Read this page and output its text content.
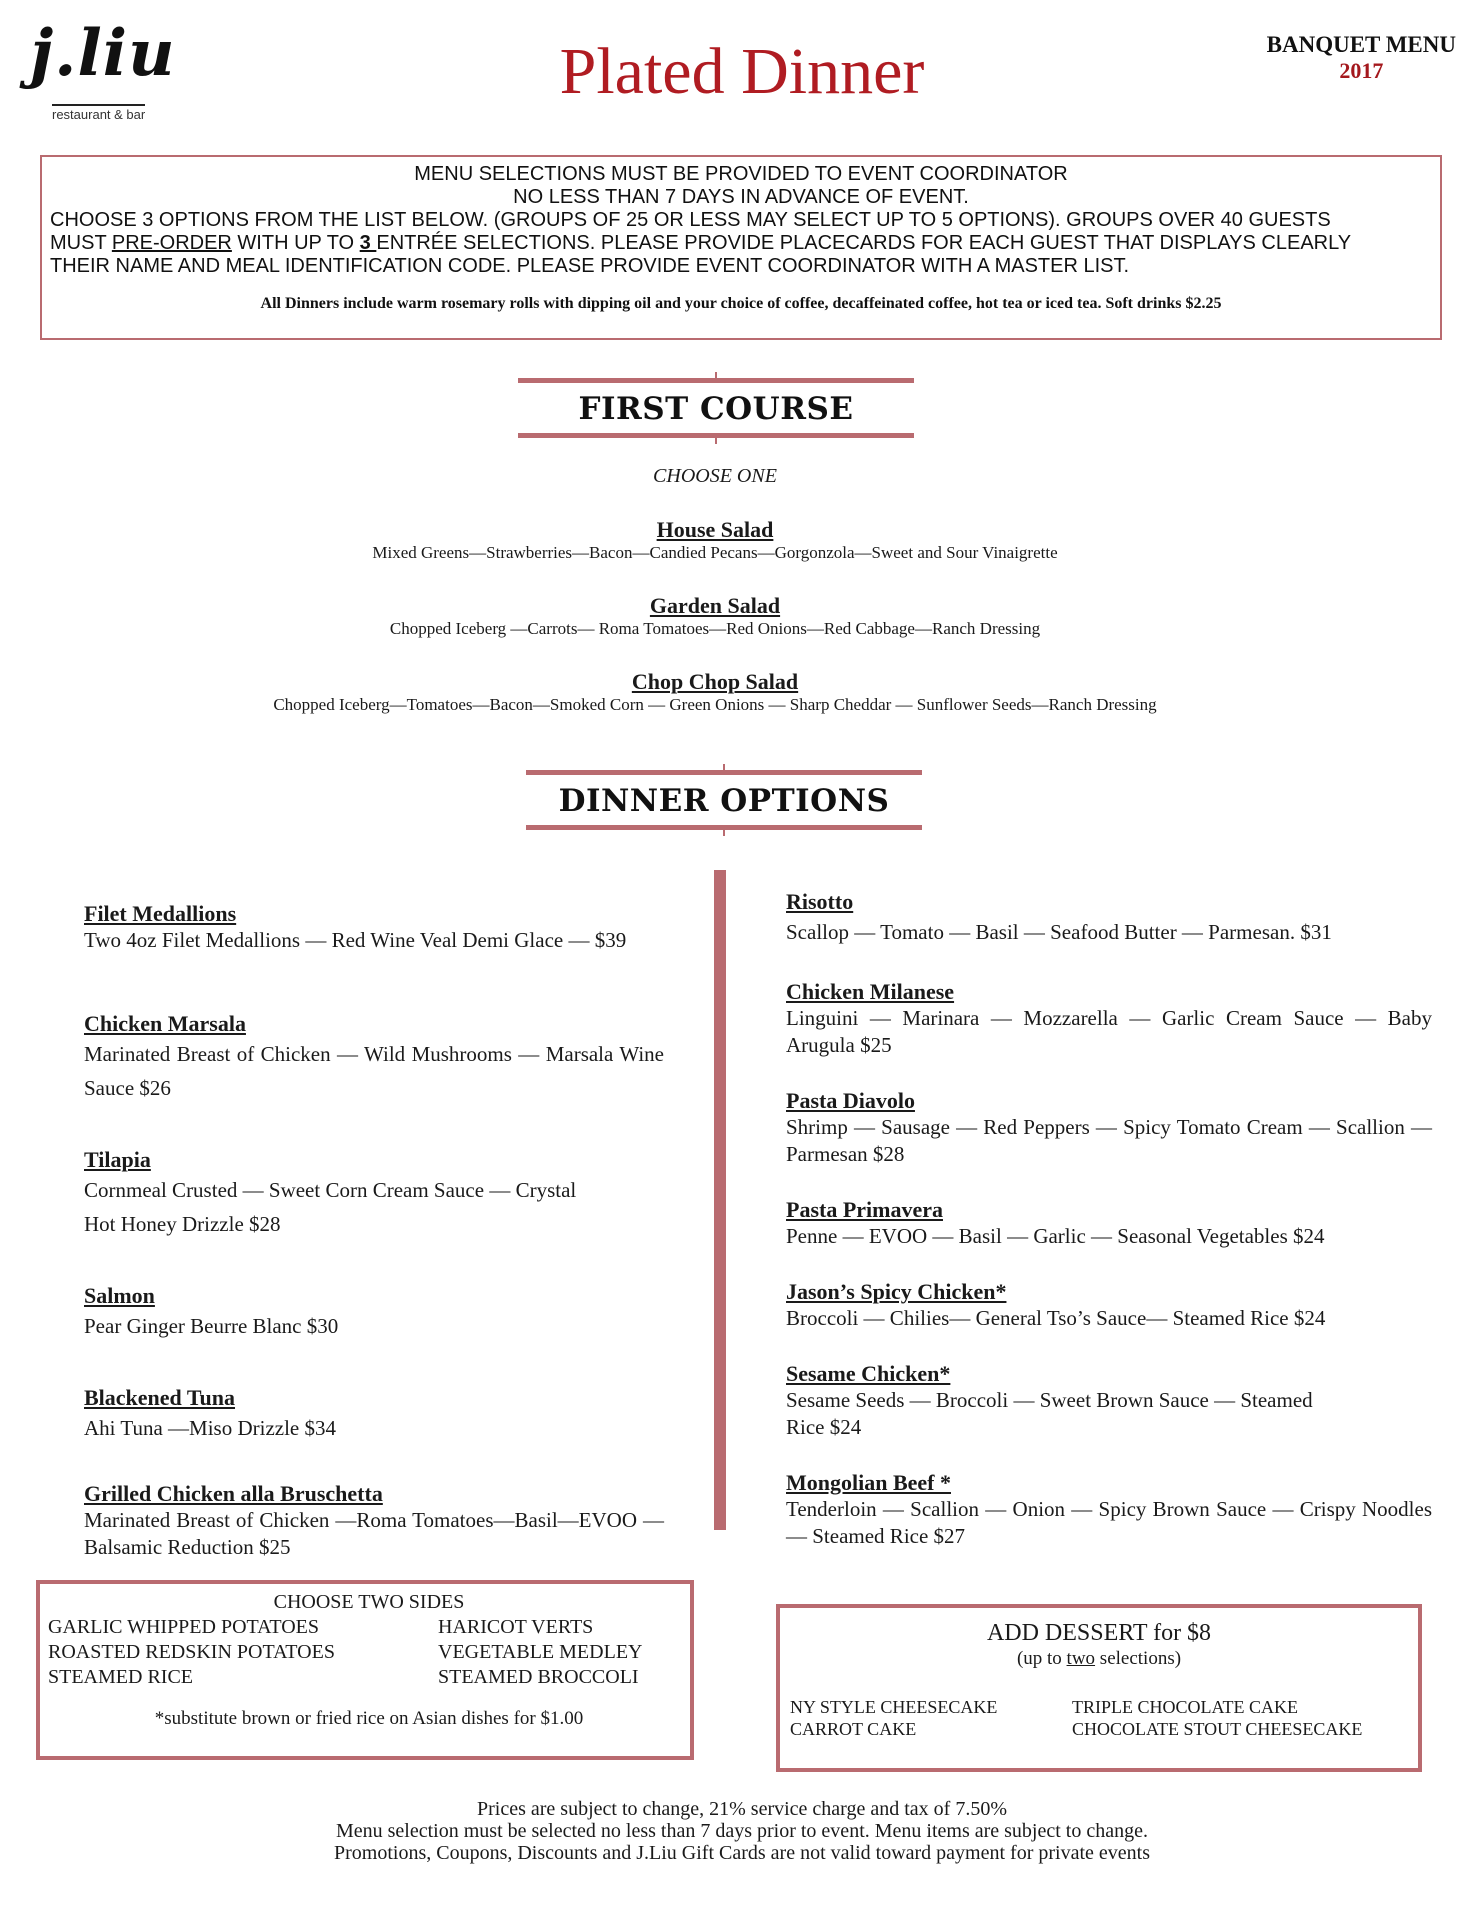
j.liu
restaurant & bar
Plated Dinner	BANQUET MENU
2017
MENU SELECTIONS MUST BE PROVIDED TO EVENT COORDINATOR
NO LESS THAN 7 DAYS IN ADVANCE OF EVENT.
CHOOSE 3 OPTIONS FROM THE LIST BELOW. (GROUPS OF 25 OR LESS MAY SELECT UP TO 5 OPTIONS). GROUPS OVER 40 GUESTS
MUST PRE-ORDER WITH UP TO 3 ENTRÉE SELECTIONS. PLEASE PROVIDE PLACECARDS FOR EACH GUEST THAT DISPLAYS CLEARLY
THEIR NAME AND MEAL IDENTIFICATION CODE. PLEASE PROVIDE EVENT COORDINATOR WITH A MASTER LIST.
All Dinners include warm rosemary rolls with dipping oil and your choice of coffee, decaffeinated coffee, hot tea or iced tea. Soft drinks $2.25
FIRST COURSE
CHOOSE ONE
House Salad
Mixed Greens—Strawberries—Bacon—Candied Pecans—Gorgonzola—Sweet and Sour Vinaigrette
Garden Salad
Chopped Iceberg —Carrots— Roma Tomatoes—Red Onions—Red Cabbage—Ranch Dressing
Chop Chop Salad
Chopped Iceberg—Tomatoes—Bacon—Smoked Corn — Green Onions — Sharp Cheddar — Sunflower Seeds—Ranch Dressing
DINNER OPTIONS
Filet Medallions
Two 4oz Filet Medallions — Red Wine Veal Demi Glace — $39
Chicken Marsala
Marinated Breast of Chicken — Wild Mushrooms — Marsala Wine Sauce $26
Tilapia
Cornmeal Crusted — Sweet Corn Cream Sauce — Crystal Hot Honey Drizzle $28
Salmon
Pear Ginger Beurre Blanc $30
Blackened Tuna
Ahi Tuna —Miso Drizzle $34
Grilled Chicken alla Bruschetta
Marinated Breast of Chicken —Roma Tomatoes—Basil—EVOO —Balsamic Reduction $25
Risotto
Scallop — Tomato — Basil — Seafood Butter — Parmesan. $31
Chicken Milanese
Linguini — Marinara — Mozzarella — Garlic Cream Sauce — Baby Arugula $25
Pasta Diavolo
Shrimp — Sausage — Red Peppers — Spicy Tomato Cream — Scallion — Parmesan $28
Pasta Primavera
Penne — EVOO — Basil — Garlic — Seasonal Vegetables $24
Jason’s Spicy Chicken*
Broccoli — Chilies— General Tso’s Sauce— Steamed Rice $24
Sesame Chicken*
Sesame Seeds — Broccoli — Sweet Brown Sauce — Steamed Rice $24
Mongolian Beef *
Tenderloin — Scallion — Onion — Spicy Brown Sauce — Crispy Noodles — Steamed Rice $27
CHOOSE TWO SIDES
GARLIC WHIPPED POTATOES	HARICOT VERTS
ROASTED REDSKIN POTATOES	VEGETABLE MEDLEY
STEAMED RICE	STEAMED BROCCOLI
*substitute brown or fried rice on Asian dishes for $1.00
ADD DESSERT for $8
(up to two selections)
NY STYLE CHEESECAKE
CARROT CAKE
TRIPLE CHOCOLATE CAKE
CHOCOLATE STOUT CHEESECAKE
Prices are subject to change, 21% service charge and tax of 7.50%
Menu selection must be selected no less than 7 days prior to event. Menu items are subject to change.
Promotions, Coupons, Discounts and J.Liu Gift Cards are not valid toward payment for private events
